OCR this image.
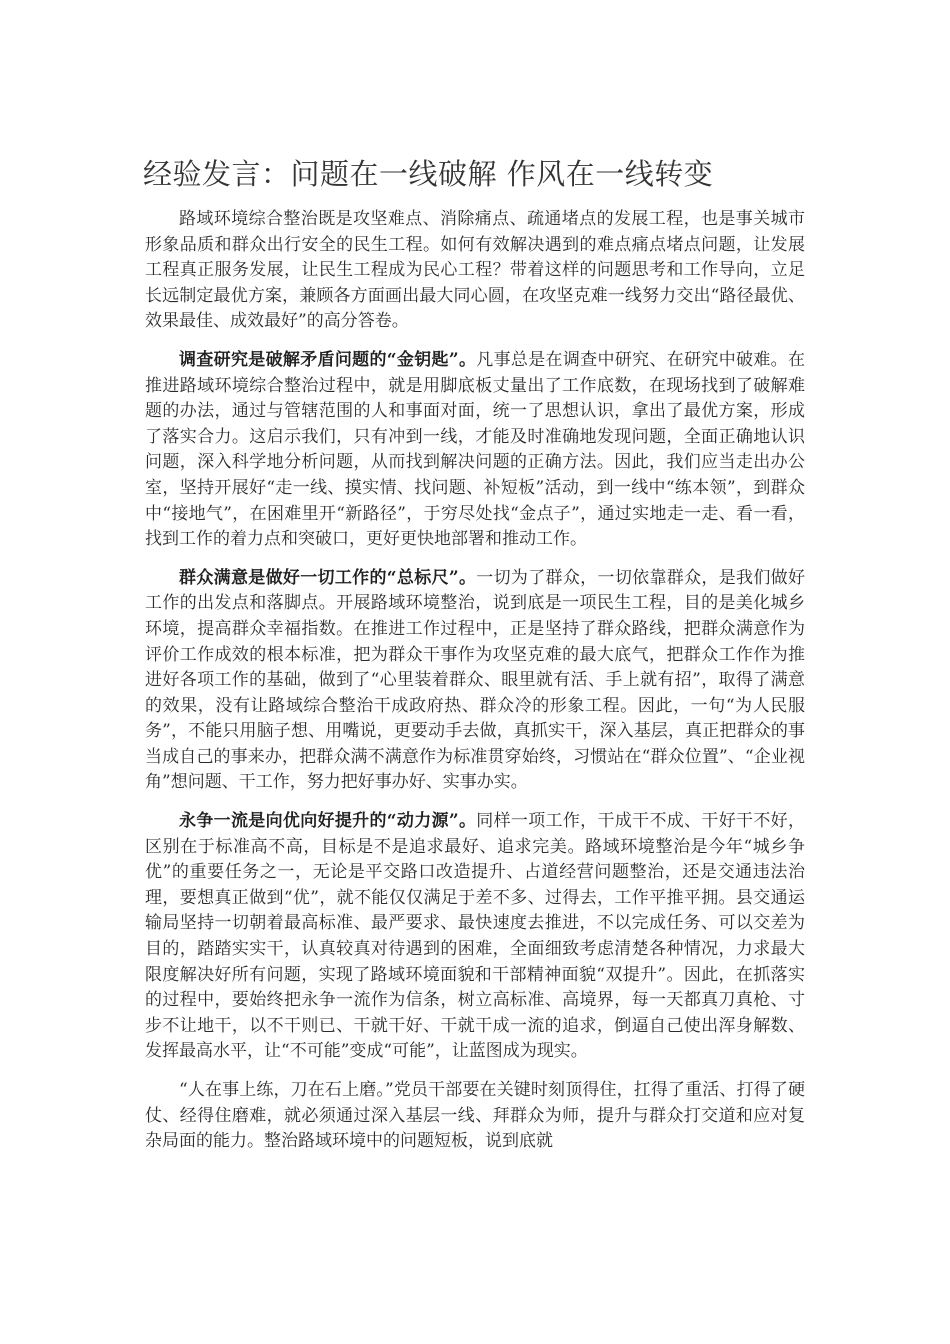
经验发言：问题在一线破解 作风在一线转变

路域环境综合整治既是攻坚难点、消除痛点、疏通堵点的发展工程，也是事关城市形象品质和群众出行安全的民生工程。如何有效解决遇到的难点痛点堵点问题，让发展工程真正服务发展，让民生工程成为民心工程？带着这样的问题思考和工作导向，立足长远制定最优方案，兼顾各方面画出最大同心圆，在攻坚克难一线努力交出“路径最优、效果最佳、成效最好”的高分答卷。

调查研究是破解矛盾问题的“金钥匙”。凡事总是在调查中研究、在研究中破难。在推进路域环境综合整治过程中，就是用脚底板丈量出了工作底数，在现场找到了破解难题的办法，通过与管辖范围的人和事面对面，统一了思想认识，拿出了最优方案，形成了落实合力。这启示我们，只有冲到一线，才能及时准确地发现问题，全面正确地认识问题，深入科学地分析问题，从而找到解决问题的正确方法。因此，我们应当走出办公室，坚持开展好“走一线、摸实情、找问题、补短板”活动，到一线中“练本领”，到群众中“接地气”，在困难里开“新路径”，于穷尽处找“金点子”，通过实地走一走、看一看，找到工作的着力点和突破口，更好更快地部署和推动工作。

群众满意是做好一切工作的“总标尺”。一切为了群众，一切依靠群众，是我们做好工作的出发点和落脚点。开展路域环境整治，说到底是一项民生工程，目的是美化城乡环境，提高群众幸福指数。在推进工作过程中，正是坚持了群众路线，把群众满意作为评价工作成效的根本标准，把为群众干事作为攻坚克难的最大底气，把群众工作作为推进好各项工作的基础，做到了“心里装着群众、眼里就有活、手上就有招”，取得了满意的效果，没有让路域综合整治干成政府热、群众冷的形象工程。因此，一句“为人民服务”，不能只用脑子想、用嘴说，更要动手去做，真抓实干，深入基层，真正把群众的事当成自己的事来办，把群众满不满意作为标准贯穿始终，习惯站在“群众位置”、“企业视角”想问题、干工作，努力把好事办好、实事办实。

永争一流是向优向好提升的“动力源”。同样一项工作，干成干不成、干好干不好，区别在于标准高不高，目标是不是追求最好、追求完美。路域环境整治是今年“城乡争优”的重要任务之一，无论是平交路口改造提升、占道经营问题整治，还是交通违法治理，要想真正做到“优”，就不能仅仅满足于差不多、过得去，工作平推平拥。县交通运输局坚持一切朝着最高标准、最严要求、最快速度去推进，不以完成任务、可以交差为目的，踏踏实实干，认真较真对待遇到的困难，全面细致考虑清楚各种情况，力求最大限度解决好所有问题，实现了路域环境面貌和干部精神面貌“双提升”。因此，在抓落实的过程中，要始终把永争一流作为信条，树立高标准、高境界，每一天都真刀真枪、寸步不让地干，以不干则已、干就干好、干就干成一流的追求，倒逼自己使出浑身解数、发挥最高水平，让“不可能”变成“可能”，让蓝图成为现实。

“人在事上练，刀在石上磨。”党员干部要在关键时刻顶得住，扛得了重活、打得了硬仗、经得住磨难，就必须通过深入基层一线、拜群众为师，提升与群众打交道和应对复杂局面的能力。整治路域环境中的问题短板，说到底就
